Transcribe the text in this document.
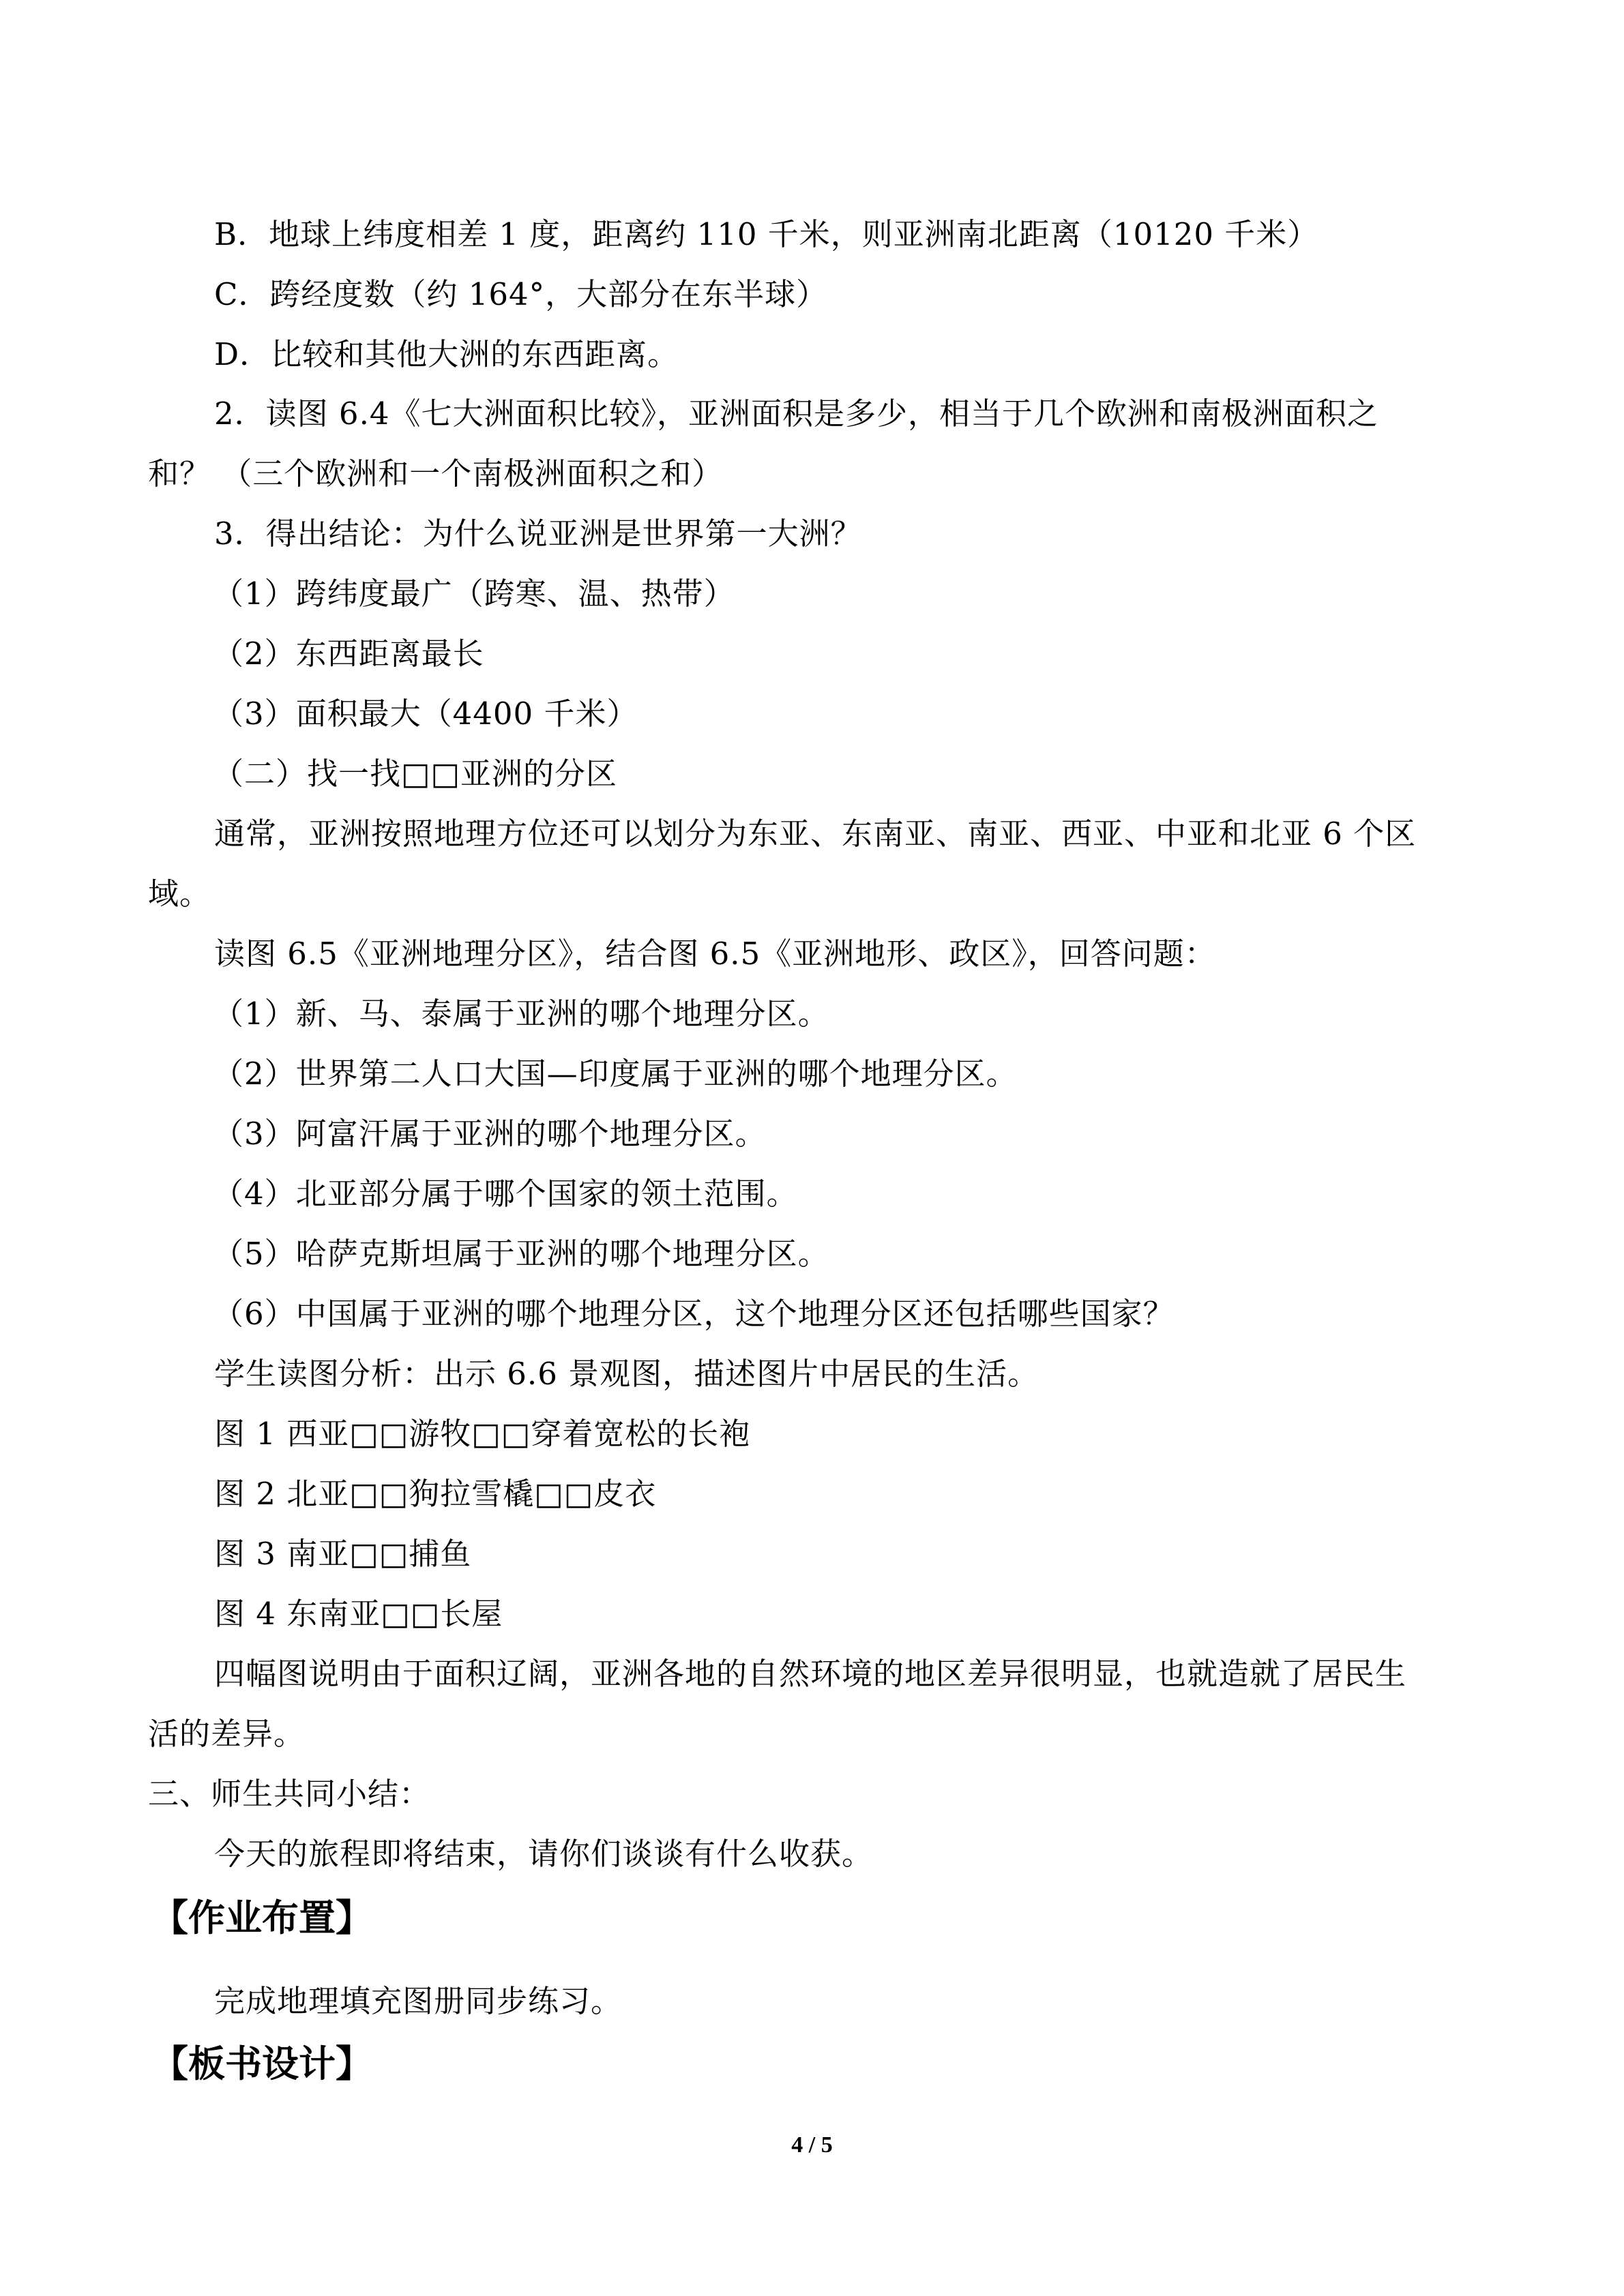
B．地球上纬度相差 1 度，距离约 110 千米，则亚洲南北距离（10120 千米）
C．跨经度数（约 164°，大部分在东半球）
D．比较和其他大洲的东西距离。
2．读图 6.4《七大洲面积比较》，亚洲面积是多少，相当于几个欧洲和南极洲面积之
和？ （三个欧洲和一个南极洲面积之和）
3．得出结论：为什么说亚洲是世界第一大洲？
（1）跨纬度最广（跨寒、温、热带）
（2）东西距离最长
（3）面积最大（4400 千米）
（二）找一找□□亚洲的分区
通常，亚洲按照地理方位还可以划分为东亚、东南亚、南亚、西亚、中亚和北亚 6 个区
域。
读图 6.5《亚洲地理分区》，结合图 6.5《亚洲地形、政区》，回答问题：
（1）新、马、泰属于亚洲的哪个地理分区。
（2）世界第二人口大国—印度属于亚洲的哪个地理分区。
（3）阿富汗属于亚洲的哪个地理分区。
（4）北亚部分属于哪个国家的领土范围。
（5）哈萨克斯坦属于亚洲的哪个地理分区。
（6）中国属于亚洲的哪个地理分区，这个地理分区还包括哪些国家？
学生读图分析：出示 6.6 景观图，描述图片中居民的生活。
图 1 西亚□□游牧□□穿着宽松的长袍
图 2 北亚□□狗拉雪橇□□皮衣
图 3 南亚□□捕鱼
图 4 东南亚□□长屋
四幅图说明由于面积辽阔，亚洲各地的自然环境的地区差异很明显，也就造就了居民生
活的差异。
三、师生共同小结：
今天的旅程即将结束，请你们谈谈有什么收获。
【作业布置】
完成地理填充图册同步练习。
【板书设计】
4 / 5
